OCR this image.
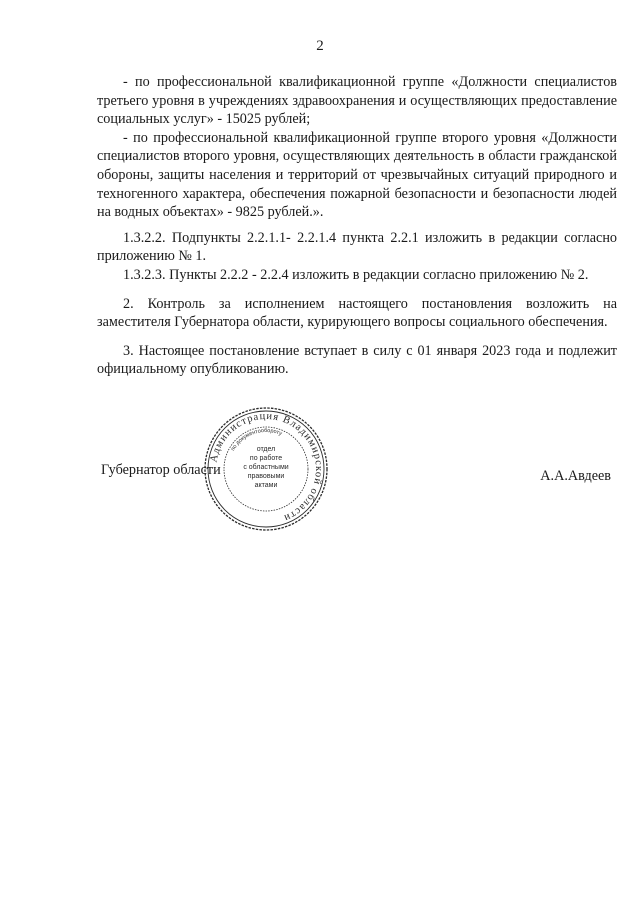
2

- по профессиональной квалификационной группе «Должности специалистов третьего уровня в учреждениях здравоохранения и осуществляющих предоставление социальных услуг» - 15025 рублей;

- по профессиональной квалификационной группе второго уровня «Должности специалистов второго уровня, осуществляющих деятельность в области гражданской обороны, защиты населения и территорий от чрезвычайных ситуаций природного и техногенного характера, обеспечения пожарной безопасности и безопасности людей на водных объектах» - 9825 рублей.».

1.3.2.2. Подпункты 2.2.1.1- 2.2.1.4 пункта 2.2.1 изложить в редакции согласно приложению № 1.

1.3.2.3. Пункты 2.2.2 - 2.2.4 изложить в редакции согласно приложению № 2.

2. Контроль за исполнением настоящего постановления возложить на заместителя Губернатора области, курирующего вопросы социального обеспечения.

3. Настоящее постановление вступает в силу с 01 января 2023 года и подлежит официальному опубликованию.

Администрация Владимирской области
по документообороту
отдел
по работе
с областными
правовыми
актами
Губернатор области	А.А.Авдеев
